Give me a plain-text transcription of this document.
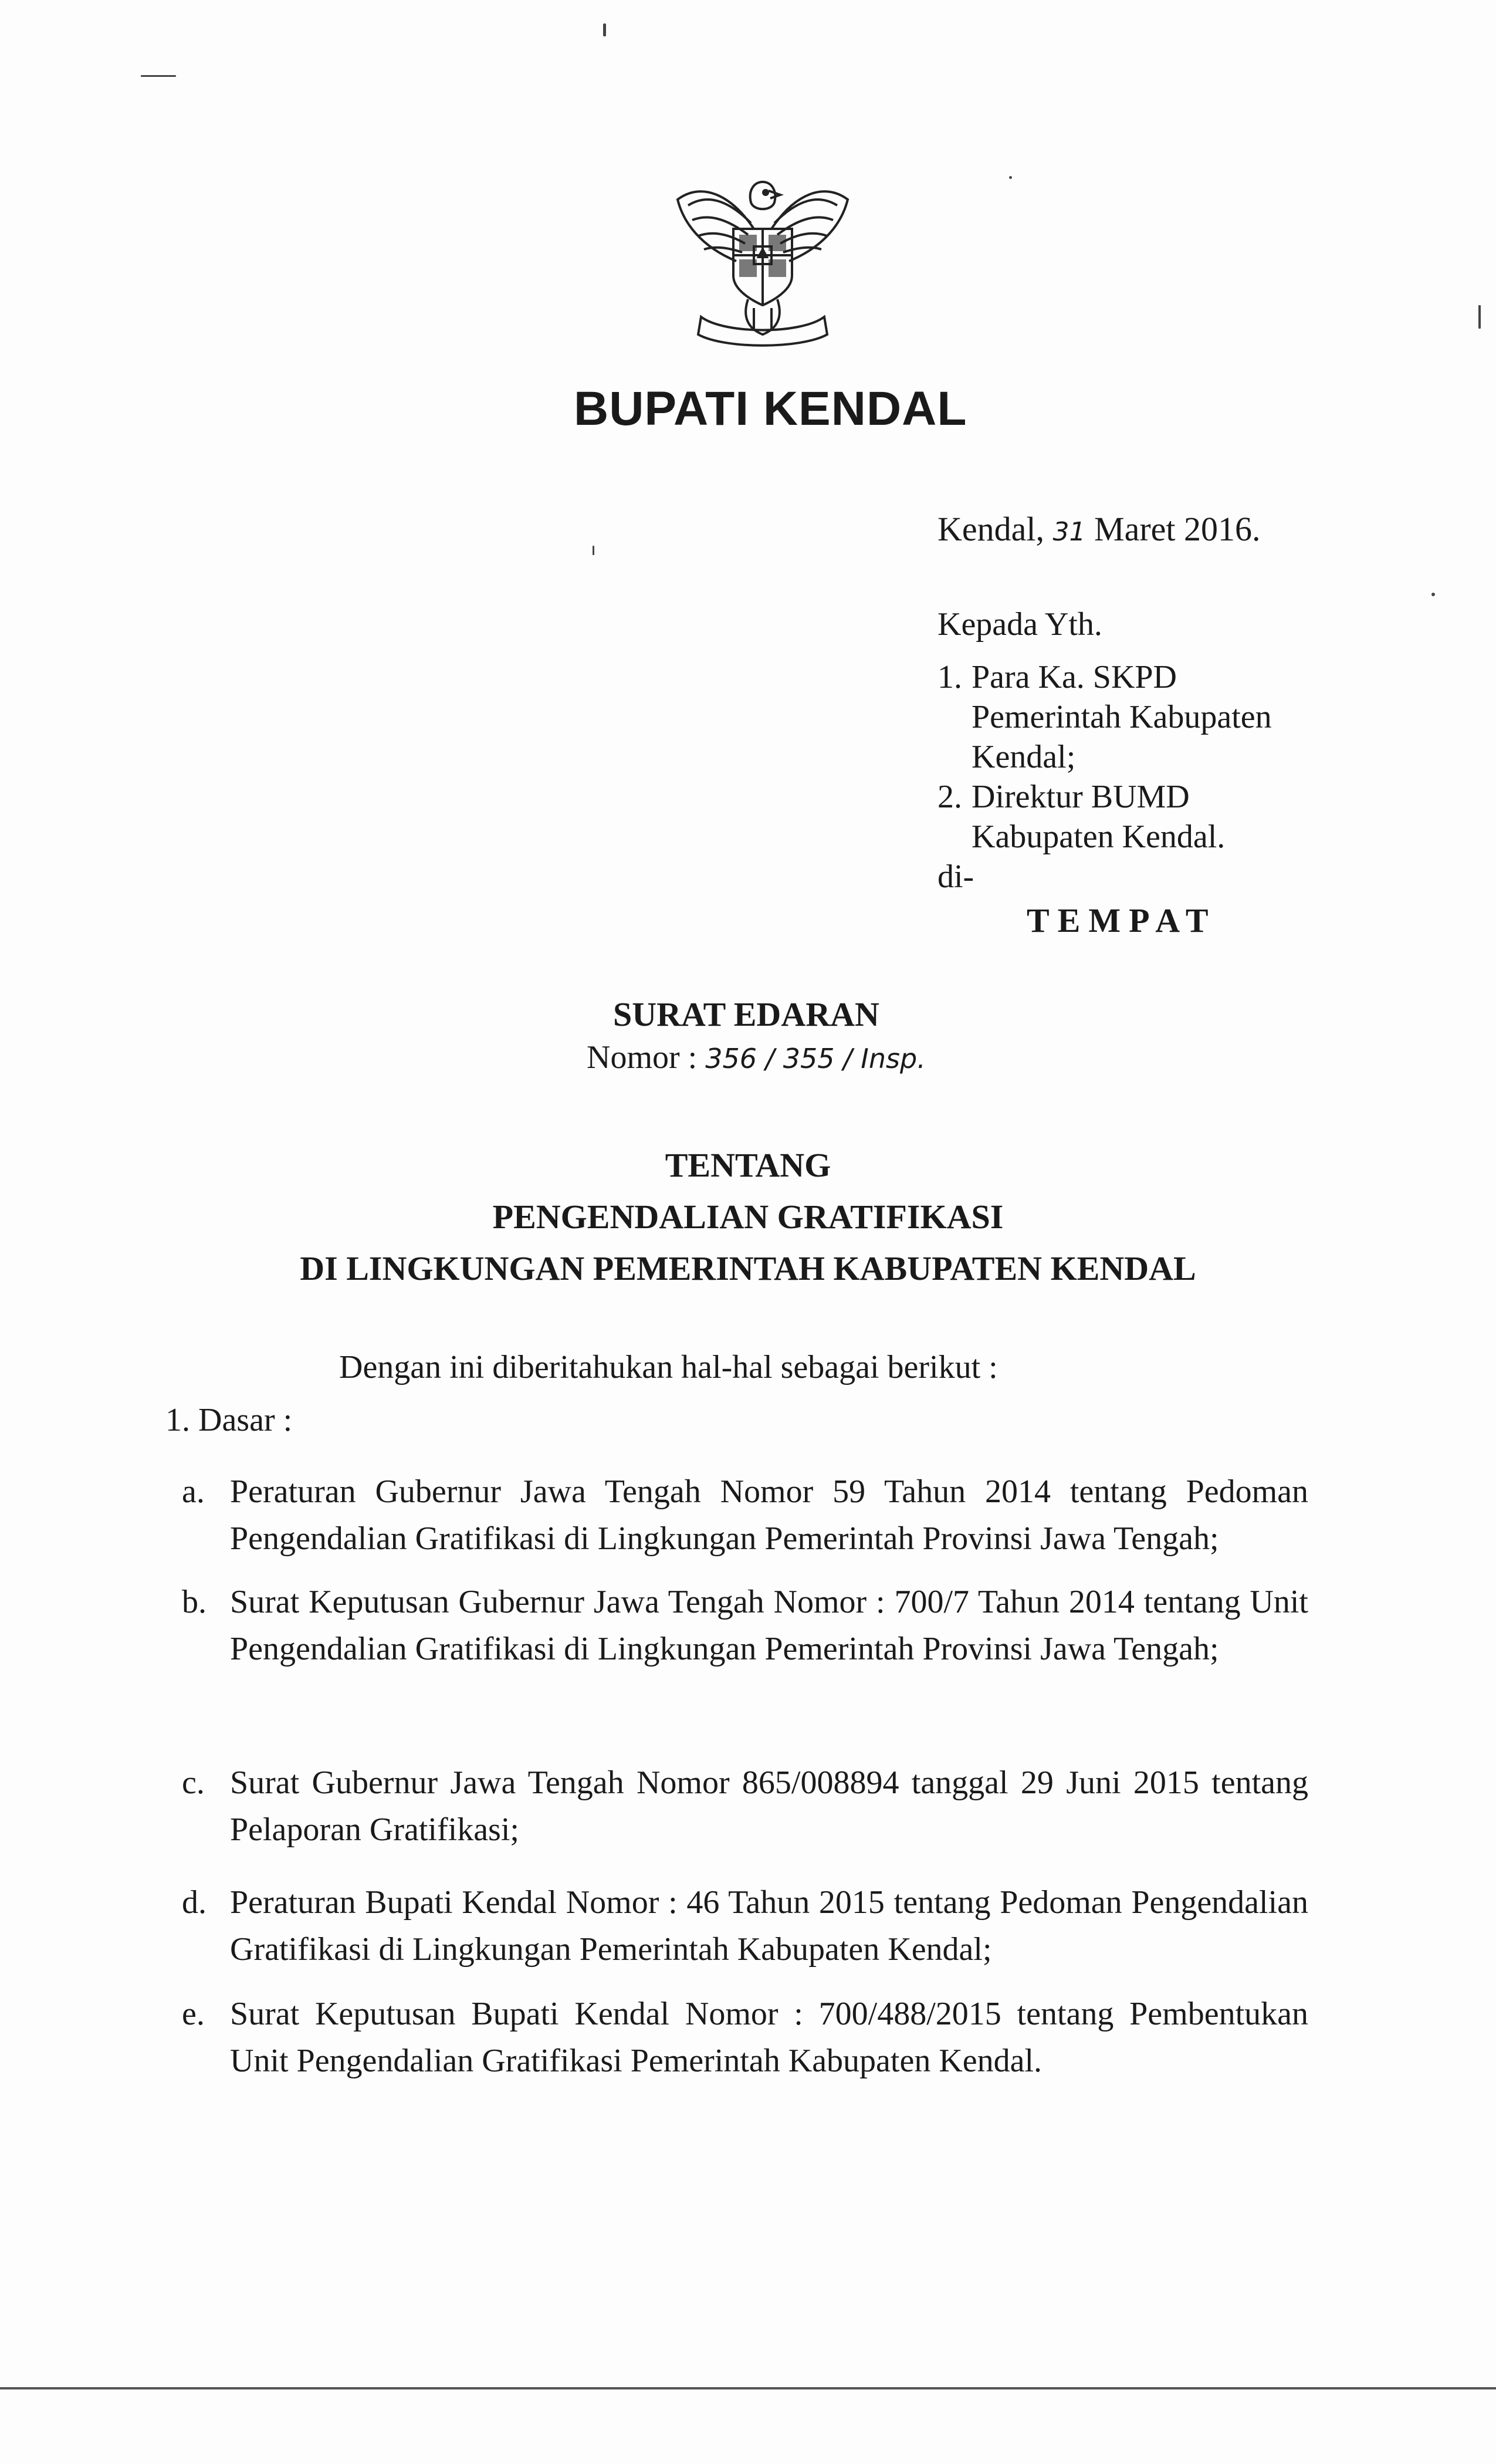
BUPATI KENDAL
Kendal, 31 Maret 2016.
Kepada Yth.
1. Para Ka. SKPD
Pemerintah Kabupaten
Kendal;
2. Direktur BUMD
Kabupaten Kendal.
di-
TEMPAT
SURAT EDARAN
Nomor : 356 / 355 / Insp.
TENTANG
PENGENDALIAN GRATIFIKASI
DI LINGKUNGAN PEMERINTAH KABUPATEN KENDAL
Dengan ini diberitahukan hal-hal sebagai berikut :
1. Dasar :
a. Peraturan Gubernur Jawa Tengah Nomor 59 Tahun 2014 tentang Pedoman Pengendalian Gratifikasi di Lingkungan Pemerintah Provinsi Jawa Tengah;
b. Surat Keputusan Gubernur Jawa Tengah Nomor : 700/7 Tahun 2014 tentang Unit Pengendalian Gratifikasi di Lingkungan Pemerintah Provinsi Jawa Tengah;
c. Surat Gubernur Jawa Tengah Nomor 865/008894 tanggal 29 Juni 2015 tentang Pelaporan Gratifikasi;
d. Peraturan Bupati Kendal Nomor : 46 Tahun 2015 tentang Pedoman Pengendalian Gratifikasi di Lingkungan Pemerintah Kabupaten Kendal;
e. Surat Keputusan Bupati Kendal Nomor : 700/488/2015 tentang Pembentukan Unit Pengendalian Gratifikasi Pemerintah Kabupaten Kendal.
